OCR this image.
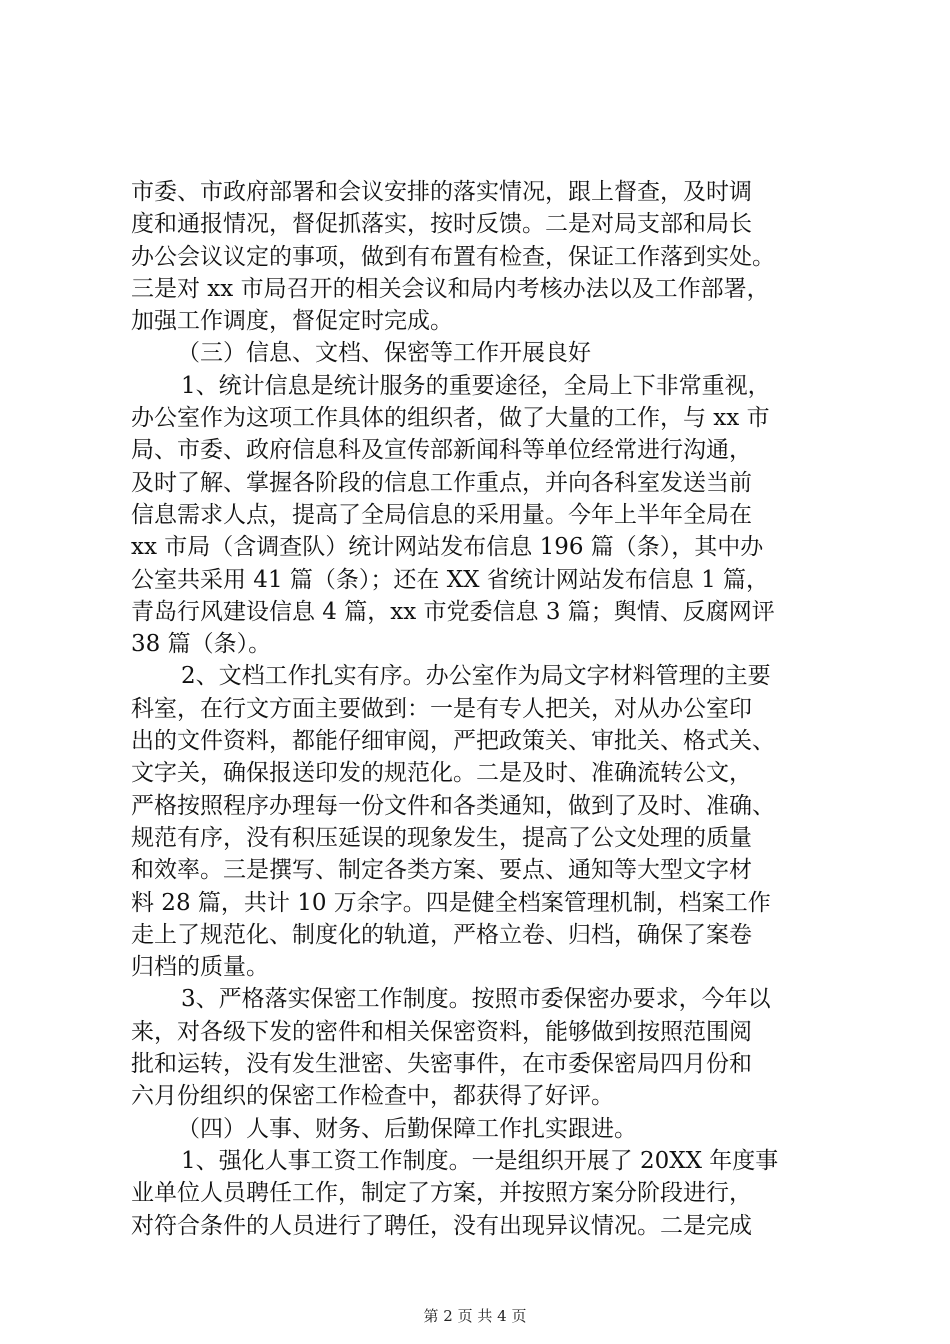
市委、市政府部署和会议安排的落实情况，跟上督查，及时调
度和通报情况，督促抓落实，按时反馈。二是对局支部和局长
办公会议议定的事项，做到有布置有检查，保证工作落到实处。
三是对 xx 市局召开的相关会议和局内考核办法以及工作部署，
加强工作调度，督促定时完成。
（三）信息、文档、保密等工作开展良好
1、统计信息是统计服务的重要途径，全局上下非常重视，
办公室作为这项工作具体的组织者，做了大量的工作，与 xx 市
局、市委、政府信息科及宣传部新闻科等单位经常进行沟通，
及时了解、掌握各阶段的信息工作重点，并向各科室发送当前
信息需求人点，提高了全局信息的采用量。今年上半年全局在
xx 市局（含调查队）统计网站发布信息 196 篇（条），其中办
公室共采用 41 篇（条）；还在 XX 省统计网站发布信息 1 篇，
青岛行风建设信息 4 篇，xx 市党委信息 3 篇；舆情、反腐网评
38 篇（条）。
2、文档工作扎实有序。办公室作为局文字材料管理的主要
科室，在行文方面主要做到：一是有专人把关，对从办公室印
出的文件资料，都能仔细审阅，严把政策关、审批关、格式关、
文字关，确保报送印发的规范化。二是及时、准确流转公文，
严格按照程序办理每一份文件和各类通知，做到了及时、准确、
规范有序，没有积压延误的现象发生，提高了公文处理的质量
和效率。三是撰写、制定各类方案、要点、通知等大型文字材
料 28 篇，共计 10 万余字。四是健全档案管理机制，档案工作
走上了规范化、制度化的轨道，严格立卷、归档，确保了案卷
归档的质量。
3、严格落实保密工作制度。按照市委保密办要求，今年以
来，对各级下发的密件和相关保密资料，能够做到按照范围阅
批和运转，没有发生泄密、失密事件，在市委保密局四月份和
六月份组织的保密工作检查中，都获得了好评。
（四）人事、财务、后勤保障工作扎实跟进。
1、强化人事工资工作制度。一是组织开展了 20XX 年度事
业单位人员聘任工作，制定了方案，并按照方案分阶段进行，
对符合条件的人员进行了聘任，没有出现异议情况。二是完成
第 2 页 共 4 页
